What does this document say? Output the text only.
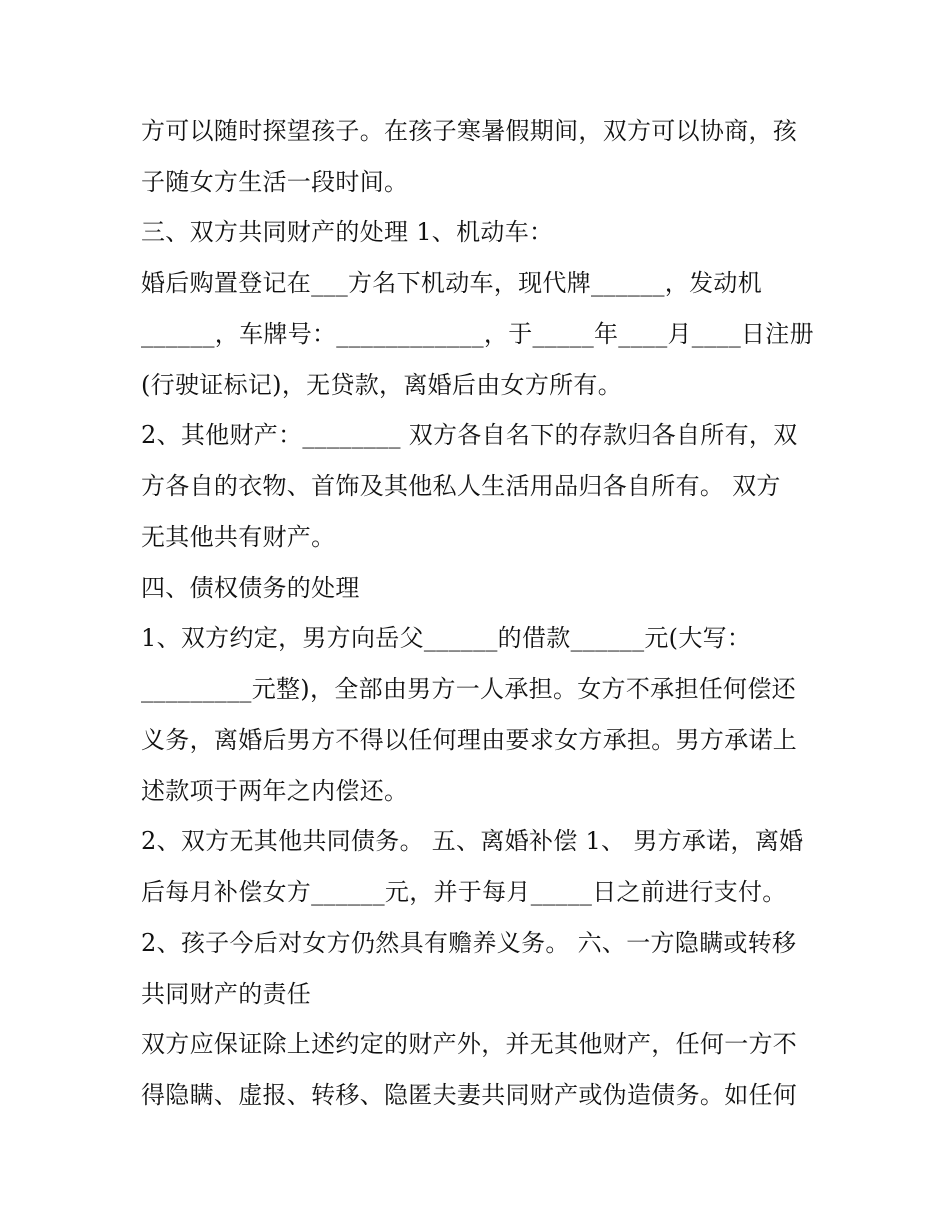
方可以随时探望孩子。在孩子寒暑假期间，双方可以协商，孩
子随女方生活一段时间。
三、双方共同财产的处理 1、机动车：
婚后购置登记在___方名下机动车，现代牌______，发动机
______，车牌号：____________，于_____年____月____日注册
(行驶证标记)，无贷款，离婚后由女方所有。
2、其他财产：________ 双方各自名下的存款归各自所有，双
方各自的衣物、首饰及其他私人生活用品归各自所有。 双方
无其他共有财产。
四、债权债务的处理
1、双方约定，男方向岳父______的借款______元(大写：
_________元整)，全部由男方一人承担。女方不承担任何偿还
义务，离婚后男方不得以任何理由要求女方承担。男方承诺上
述款项于两年之内偿还。
2、双方无其他共同债务。 五、离婚补偿 1、 男方承诺，离婚
后每月补偿女方______元，并于每月_____日之前进行支付。
2、孩子今后对女方仍然具有赡养义务。 六、一方隐瞒或转移
共同财产的责任
双方应保证除上述约定的财产外，并无其他财产，任何一方不
得隐瞒、虚报、转移、隐匿夫妻共同财产或伪造债务。如任何
